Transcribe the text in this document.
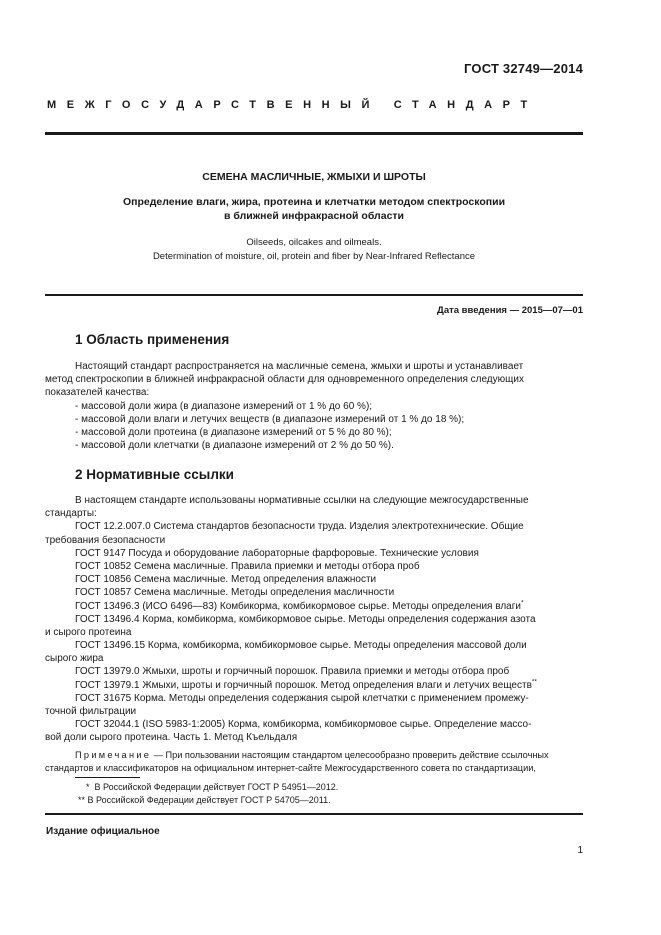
ГОСТ 32749—2014
МЕЖГОСУДАРСТВЕННЫЙ СТАНДАРТ
СЕМЕНА МАСЛИЧНЫЕ, ЖМЫХИ И ШРОТЫ
Определение влаги, жира, протеина и клетчатки методом спектроскопии
в ближней инфракрасной области
Oilseeds, oilcakes and oilmeals.
Determination of moisture, oil, protein and fiber by Near-Infrared Reflectance
Дата введения — 2015—07—01
1 Область применения
Настоящий стандарт распространяется на масличные семена, жмыхи и шроты и устанавливает
метод спектроскопии в ближней инфракрасной области для одновременного определения следующих
показателей качества:
- массовой доли жира (в диапазоне измерений от 1 % до 60 %);
- массовой доли влаги и летучих веществ (в диапазоне измерений от 1 % до 18 %);
- массовой доли протеина (в диапазоне измерений от 5 % до 80 %);
- массовой доли клетчатки (в диапазоне измерений от 2 % до 50 %).
2 Нормативные ссылки
В настоящем стандарте использованы нормативные ссылки на следующие межгосударственные
стандарты:
ГОСТ 12.2.007.0 Система стандартов безопасности труда. Изделия электротехнические. Общие
требования безопасности
ГОСТ 9147 Посуда и оборудование лабораторные фарфоровые. Технические условия
ГОСТ 10852 Семена масличные. Правила приемки и методы отбора проб
ГОСТ 10856 Семена масличные. Метод определения влажности
ГОСТ 10857 Семена масличные. Методы определения масличности
ГОСТ 13496.3 (ИСО 6496—83) Комбикорма, комбикормовое сырье. Методы определения влаги*
ГОСТ 13496.4 Корма, комбикорма, комбикормовое сырье. Методы определения содержания азота
и сырого протеина
ГОСТ 13496.15 Корма, комбикорма, комбикормовое сырье. Методы определения массовой доли
сырого жира
ГОСТ 13979.0 Жмыхи, шроты и горчичный порошок. Правила приемки и методы отбора проб
ГОСТ 13979.1 Жмыхи, шроты и горчичный порошок. Метод определения влаги и летучих веществ**
ГОСТ 31675 Корма. Методы определения содержания сырой клетчатки с применением промежу-
точной фильтрации
ГОСТ 32044.1 (ISO 5983-1:2005) Корма, комбикорма, комбикормовое сырье. Определение массо-
вой доли сырого протеина. Часть 1. Метод Къельдаля
Примечание — При пользовании настоящим стандартом целесообразно проверить действие ссылочных
стандартов и классификаторов на официальном интернет-сайте Межгосударственного совета по стандартизации,
* В Российской Федерации действует ГОСТ Р 54951—2012.
** В Российской Федерации действует ГОСТ Р 54705—2011.
Издание официальное
1
